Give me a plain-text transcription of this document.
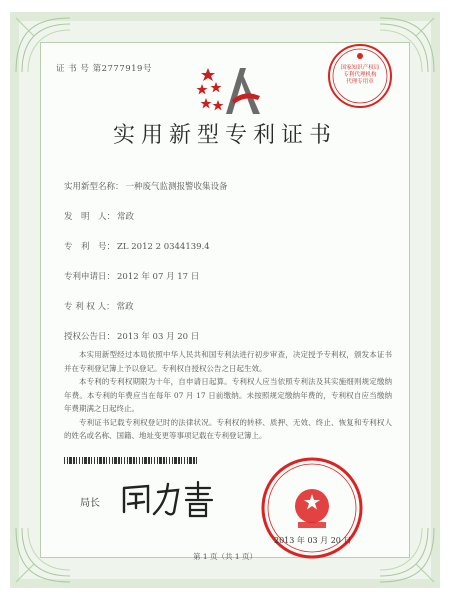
证 书 号 第2777919号	国家知识产权局
专利代理机构
代理专用章
实用新型专利证书
实用新型名称： 一种废气监测报警收集设备
发　明　人： 常政
专　利　号： ZL 2012 2 0344139.4
专利申请日： 2012 年 07 月 17 日
专 利 权 人： 常政
授权公告日： 2013 年 03 月 20 日

本实用新型经过本局依照中华人民共和国专利法进行初步审查，决定授予专利权，颁发本证书并在专利登记簿上予以登记。专利权自授权公告之日起生效。

本专利的专利权期限为十年，自申请日起算。专利权人应当依照专利法及其实施细则规定缴纳年费。本专利的年费应当在每年 07 月 17 日前缴纳。未按照规定缴纳年费的，专利权自应当缴纳年费期满之日起终止。

专利证书记载专利权登记时的法律状况。专利权的转移、质押、无效、终止、恢复和专利权人的姓名或名称、国籍、地址变更等事项记载在专利登记簿上。

局长
2013 年 03 月 20 日
第 1 页（共 1 页）
